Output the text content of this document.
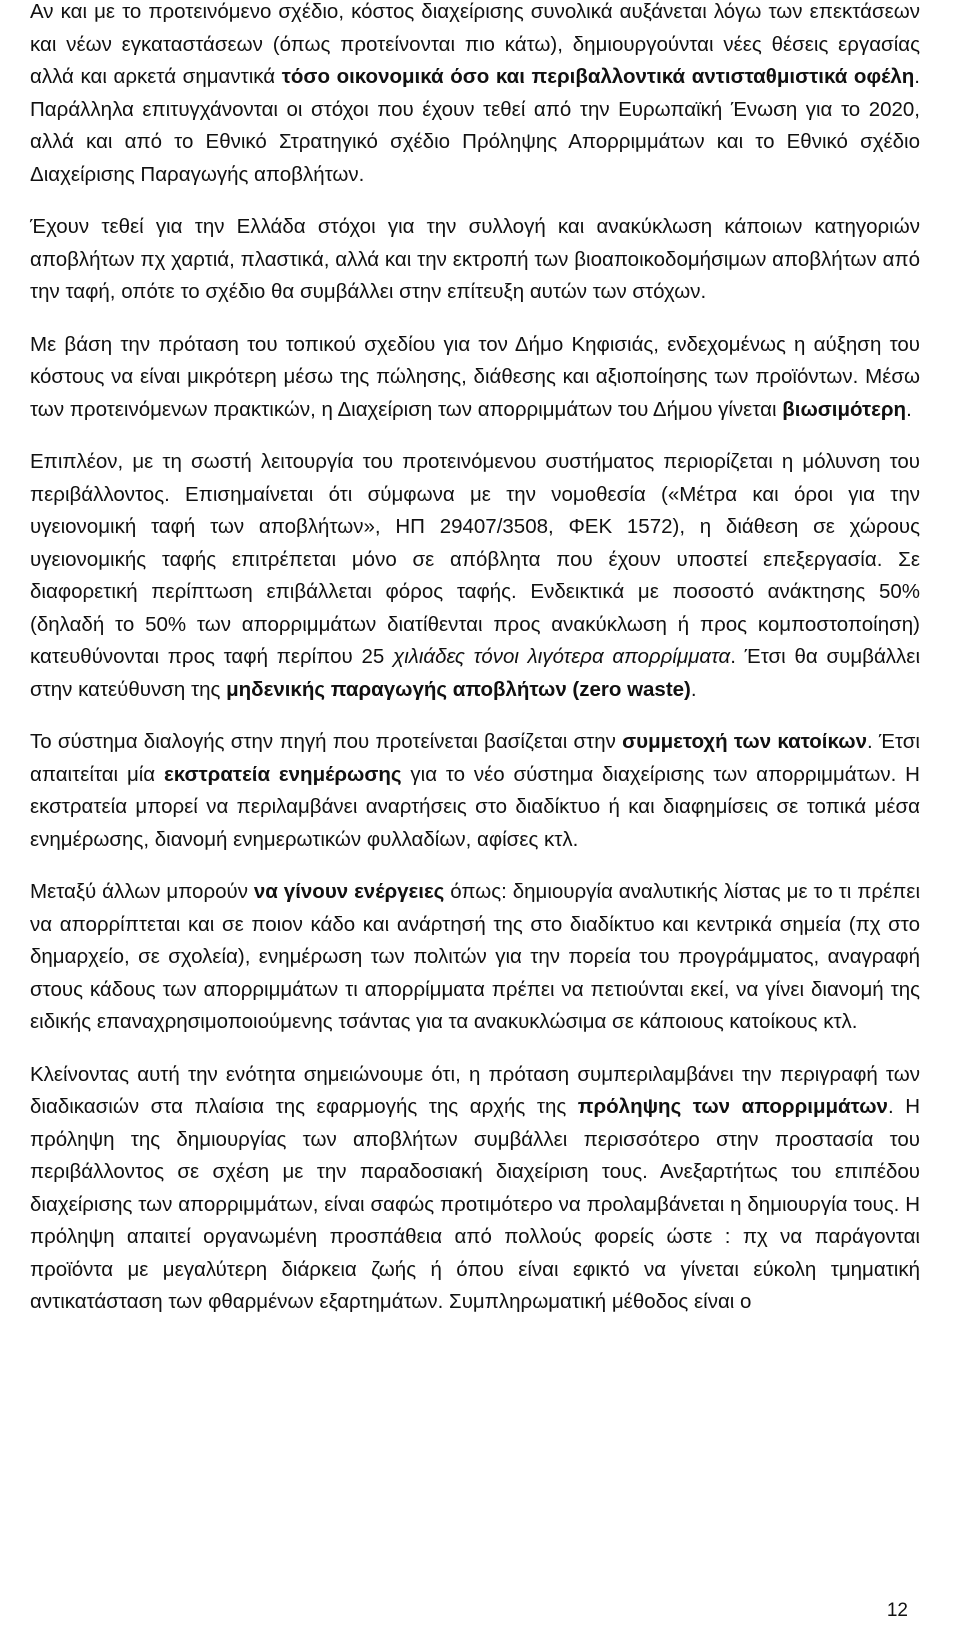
Αν και με το προτεινόμενο σχέδιο, κόστος διαχείρισης συνολικά αυξάνεται λόγω των επεκτάσεων και νέων εγκαταστάσεων (όπως προτείνονται πιο κάτω), δημιουργούνται νέες θέσεις εργασίας αλλά και αρκετά σημαντικά τόσο οικονομικά όσο και περιβαλλοντικά αντισταθμιστικά οφέλη. Παράλληλα επιτυγχάνονται οι στόχοι που έχουν τεθεί από την Ευρωπαϊκή Ένωση για το 2020, αλλά και από το Εθνικό Στρατηγικό σχέδιο Πρόληψης Απορριμμάτων και το Εθνικό σχέδιο Διαχείρισης Παραγωγής αποβλήτων.

Έχουν τεθεί για την Ελλάδα στόχοι για την συλλογή και ανακύκλωση κάποιων κατηγοριών αποβλήτων πχ χαρτιά, πλαστικά, αλλά και την εκτροπή των βιοαποικοδομήσιμων αποβλήτων από την ταφή, οπότε το σχέδιο θα συμβάλλει στην επίτευξη αυτών των στόχων.

Με βάση την πρόταση του τοπικού σχεδίου για τον Δήμο Κηφισιάς, ενδεχομένως η αύξηση του κόστους να είναι μικρότερη μέσω της πώλησης, διάθεσης και αξιοποίησης των προϊόντων. Μέσω των προτεινόμενων πρακτικών, η Διαχείριση των απορριμμάτων του Δήμου γίνεται βιωσιμότερη.

Επιπλέον, με τη σωστή λειτουργία του προτεινόμενου συστήματος περιορίζεται η μόλυνση του περιβάλλοντος. Επισημαίνεται ότι σύμφωνα με την νομοθεσία («Μέτρα και όροι για την υγειονομική ταφή των αποβλήτων», ΗΠ 29407/3508, ΦΕΚ 1572), η διάθεση σε χώρους υγειονομικής ταφής επιτρέπεται μόνο σε απόβλητα που έχουν υποστεί επεξεργασία. Σε διαφορετική περίπτωση επιβάλλεται φόρος ταφής. Ενδεικτικά με ποσοστό ανάκτησης 50% (δηλαδή το 50% των απορριμμάτων διατίθενται προς ανακύκλωση ή προς κομποστοποίηση) κατευθύνονται προς ταφή περίπου 25 χιλιάδες τόνοι λιγότερα απορρίμματα. Έτσι θα συμβάλλει στην κατεύθυνση της μηδενικής παραγωγής αποβλήτων (zero waste).

Το σύστημα διαλογής στην πηγή που προτείνεται βασίζεται στην συμμετοχή των κατοίκων. Έτσι απαιτείται μία εκστρατεία ενημέρωσης για το νέο σύστημα διαχείρισης των απορριμμάτων. Η εκστρατεία μπορεί να περιλαμβάνει αναρτήσεις στο διαδίκτυο ή και διαφημίσεις σε τοπικά μέσα ενημέρωσης, διανομή ενημερωτικών φυλλαδίων, αφίσες κτλ.

Μεταξύ άλλων μπορούν να γίνουν ενέργειες όπως: δημιουργία αναλυτικής λίστας με το τι πρέπει να απορρίπτεται και σε ποιον κάδο και ανάρτησή της στο διαδίκτυο και κεντρικά σημεία (πχ στο δημαρχείο, σε σχολεία), ενημέρωση των πολιτών για την πορεία του προγράμματος, αναγραφή στους κάδους των απορριμμάτων τι απορρίμματα πρέπει να πετιούνται εκεί, να γίνει διανομή της ειδικής επαναχρησιμοποιούμενης τσάντας για τα ανακυκλώσιμα σε κάποιους κατοίκους κτλ.

Κλείνοντας αυτή την ενότητα σημειώνουμε ότι, η πρόταση συμπεριλαμβάνει την περιγραφή των διαδικασιών στα πλαίσια της εφαρμογής της αρχής της πρόληψης των απορριμμάτων. Η πρόληψη της δημιουργίας των αποβλήτων συμβάλλει περισσότερο στην προστασία του περιβάλλοντος σε σχέση με την παραδοσιακή διαχείριση τους. Ανεξαρτήτως του επιπέδου διαχείρισης των απορριμμάτων, είναι σαφώς προτιμότερο να προλαμβάνεται η δημιουργία τους. Η πρόληψη απαιτεί οργανωμένη προσπάθεια από πολλούς φορείς ώστε : πχ να παράγονται προϊόντα με μεγαλύτερη διάρκεια ζωής ή όπου είναι εφικτό να γίνεται εύκολη τμηματική αντικατάσταση των φθαρμένων εξαρτημάτων. Συμπληρωματική μέθοδος είναι ο

12
